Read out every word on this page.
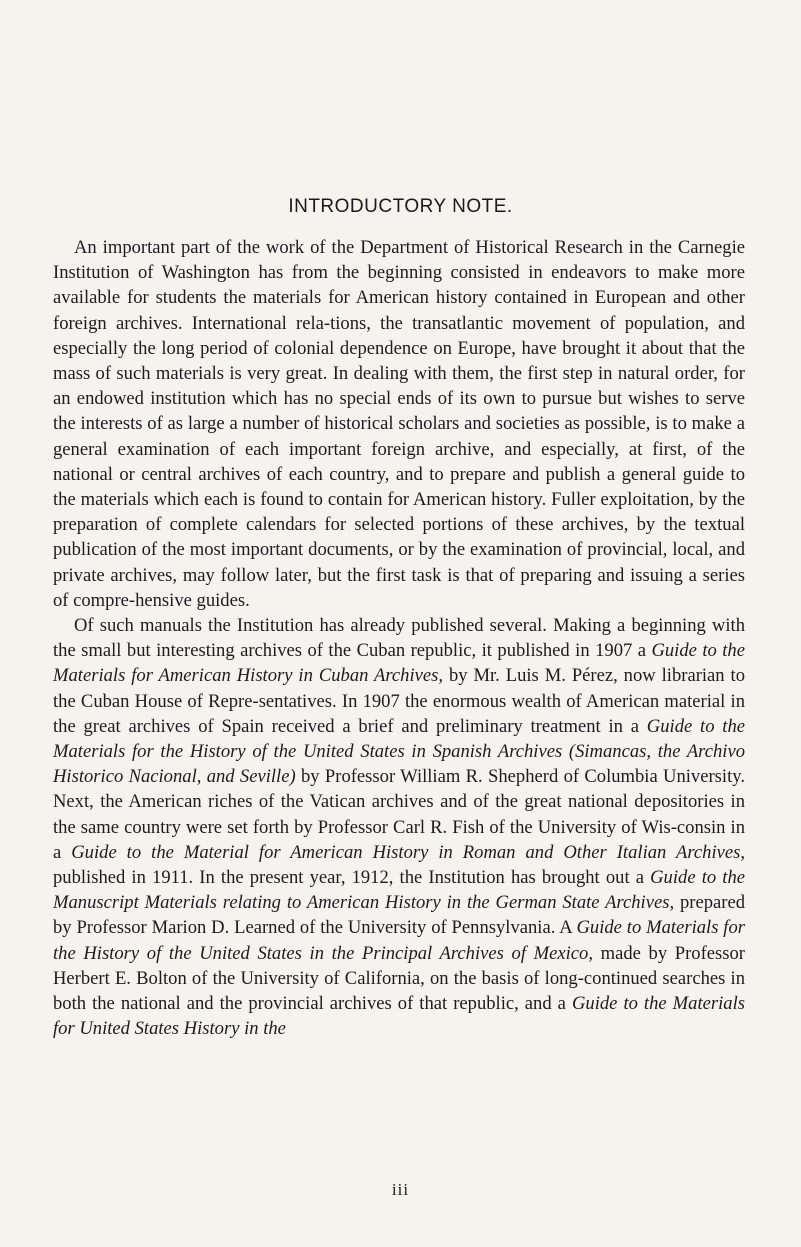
INTRODUCTORY NOTE.

An important part of the work of the Department of Historical Research in the Carnegie Institution of Washington has from the beginning consisted in endeavors to make more available for students the materials for American history contained in European and other foreign archives. International rela-tions, the transatlantic movement of population, and especially the long period of colonial dependence on Europe, have brought it about that the mass of such materials is very great. In dealing with them, the first step in natural order, for an endowed institution which has no special ends of its own to pursue but wishes to serve the interests of as large a number of historical scholars and societies as possible, is to make a general examination of each important foreign archive, and especially, at first, of the national or central archives of each country, and to prepare and publish a general guide to the materials which each is found to contain for American history. Fuller exploitation, by the preparation of complete calendars for selected portions of these archives, by the textual publication of the most important documents, or by the examination of provincial, local, and private archives, may follow later, but the first task is that of preparing and issuing a series of compre-hensive guides.

Of such manuals the Institution has already published several. Making a beginning with the small but interesting archives of the Cuban republic, it published in 1907 a Guide to the Materials for American History in Cuban Archives, by Mr. Luis M. Pérez, now librarian to the Cuban House of Repre-sentatives. In 1907 the enormous wealth of American material in the great archives of Spain received a brief and preliminary treatment in a Guide to the Materials for the History of the United States in Spanish Archives (Simancas, the Archivo Historico Nacional, and Seville) by Professor William R. Shepherd of Columbia University. Next, the American riches of the Vatican archives and of the great national depositories in the same country were set forth by Professor Carl R. Fish of the University of Wis-consin in a Guide to the Material for American History in Roman and Other Italian Archives, published in 1911. In the present year, 1912, the Institution has brought out a Guide to the Manuscript Materials relating to American History in the German State Archives, prepared by Professor Marion D. Learned of the University of Pennsylvania. A Guide to Materials for the History of the United States in the Principal Archives of Mexico, made by Professor Herbert E. Bolton of the University of California, on the basis of long-continued searches in both the national and the provincial archives of that republic, and a Guide to the Materials for United States History in the

iii
